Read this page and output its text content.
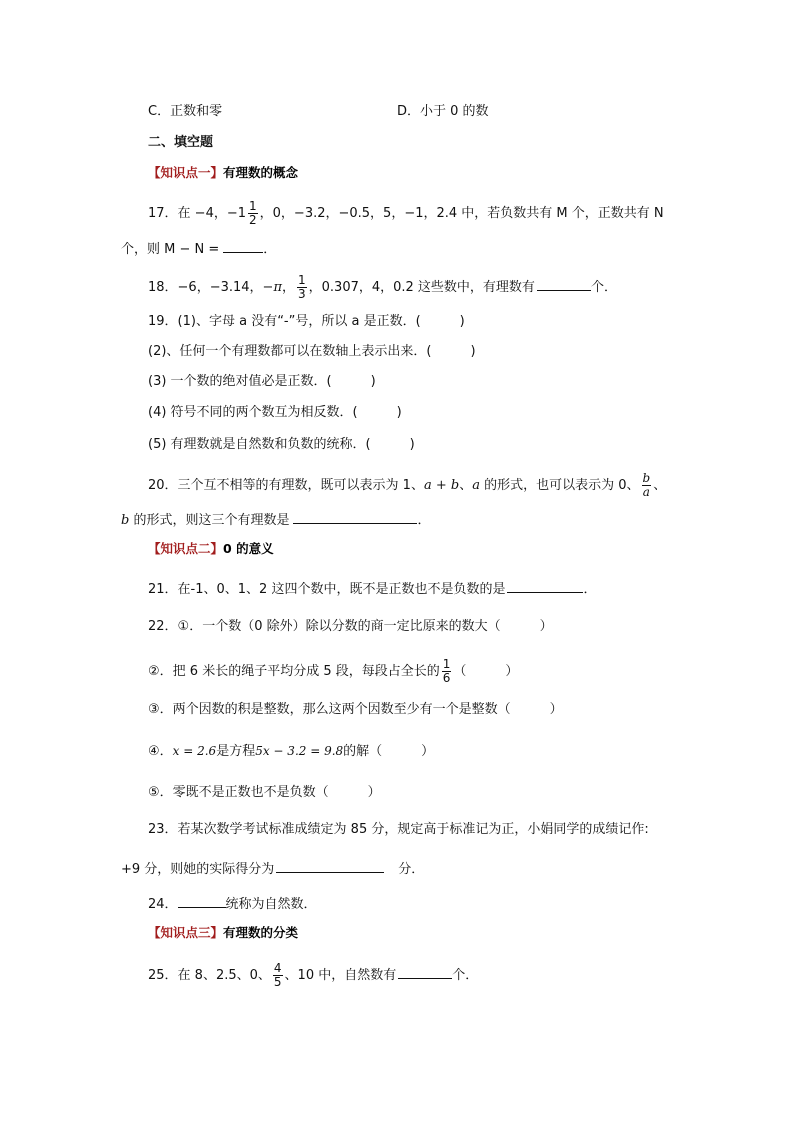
C．正数和零	D．小于 0 的数
二、填空题
【知识点一】有理数的概念
17．在 −4， $-1 \frac{1}{2}$ ，0，−3.2，−0.5，5，−1，2.4 中，若负数共有 M 个，正数共有 N
个，则 M − N =	．
18．−6，−3.14，−π， $\frac{1}{3}$ ，0.307，4，0.2 这些数中，有理数有	个．
19．(1)、字母 a 没有“-”号，所以 a 是正数．(　　　)
(2)、任何一个有理数都可以在数轴上表示出来．(　　　)
(3) 一个数的绝对值必是正数．(　　　)
(4) 符号不同的两个数互为相反数．(　　　)
(5) 有理数就是自然数和负数的统称．(　　　)
20．三个互不相等的有理数，既可以表示为 1、a + b、a 的形式，也可以表示为 0、 $\frac{b}{a}$ 、
b 的形式，则这三个有理数是	．
【知识点二】0 的意义
21．在-1、0、1、2 这四个数中，既不是正数也不是负数的是	．
22．①．一个数（0 除外）除以分数的商一定比原来的数大（　　　）
②．把 6 米长的绳子平均分成 5 段，每段占全长的 $\frac{1}{6}$ （　　　）
③．两个因数的积是整数，那么这两个因数至少有一个是整数（　　　）
④．x = 2.6是方程5x − 3.2 = 9.8的解（　　　）
⑤．零既不是正数也不是负数（　　　）
23．若某次数学考试标准成绩定为 85 分，规定高于标准记为正，小娟同学的成绩记作:
+9 分，则她的实际得分为	分．
24．	统称为自然数．
【知识点三】有理数的分类
25．在 8、2.5、0、 $\frac{4}{5}$ 、10 中，自然数有	个．
